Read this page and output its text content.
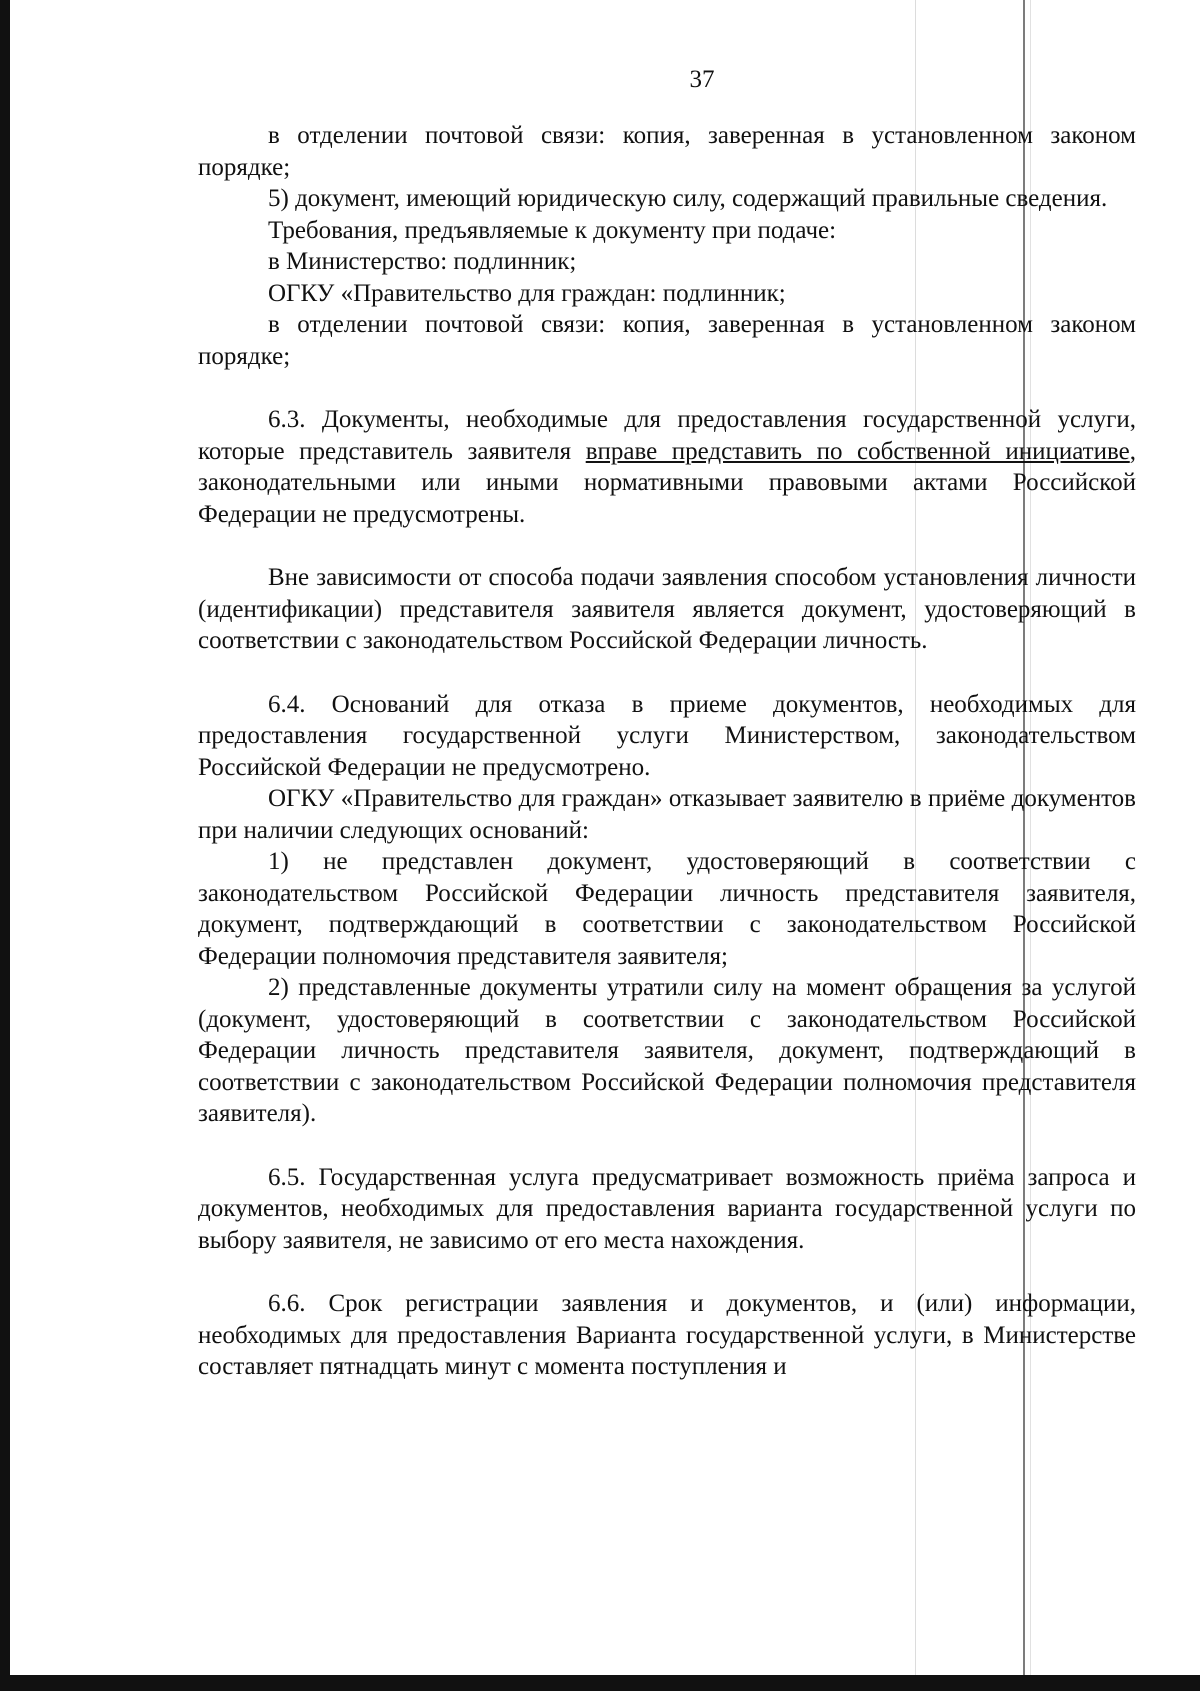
37

в отделении почтовой связи: копия, заверенная в установленном законом порядке;

5) документ, имеющий юридическую силу, содержащий правильные сведения.

Требования, предъявляемые к документу при подаче:

в Министерство: подлинник;

ОГКУ «Правительство для граждан: подлинник;

в отделении почтовой связи: копия, заверенная в установленном законом порядке;

6.3. Документы, необходимые для предоставления государственной услуги, которые представитель заявителя вправе представить по собственной инициативе, законодательными или иными нормативными правовыми актами Российской Федерации не предусмотрены.

Вне зависимости от способа подачи заявления способом установления личности (идентификации) представителя заявителя является документ, удостоверяющий в соответствии с законодательством Российской Федерации личность.

6.4. Оснований для отказа в приеме документов, необходимых для предоставления государственной услуги Министерством, законодательством Российской Федерации не предусмотрено.

ОГКУ «Правительство для граждан» отказывает заявителю в приёме документов при наличии следующих оснований:

1) не представлен документ, удостоверяющий в соответствии с законодательством Российской Федерации личность представителя заявителя, документ, подтверждающий в соответствии с законодательством Российской Федерации полномочия представителя заявителя;

2) представленные документы утратили силу на момент обращения за услугой (документ, удостоверяющий в соответствии с законодательством Российской Федерации личность представителя заявителя, документ, подтверждающий в соответствии с законодательством Российской Федерации полномочия представителя заявителя).

6.5. Государственная услуга предусматривает возможность приёма запроса и документов, необходимых для предоставления варианта государственной услуги по выбору заявителя, не зависимо от его места нахождения.

6.6. Срок регистрации заявления и документов, и (или) информации, необходимых для предоставления Варианта государственной услуги, в Министерстве составляет пятнадцать минут с момента поступления и
